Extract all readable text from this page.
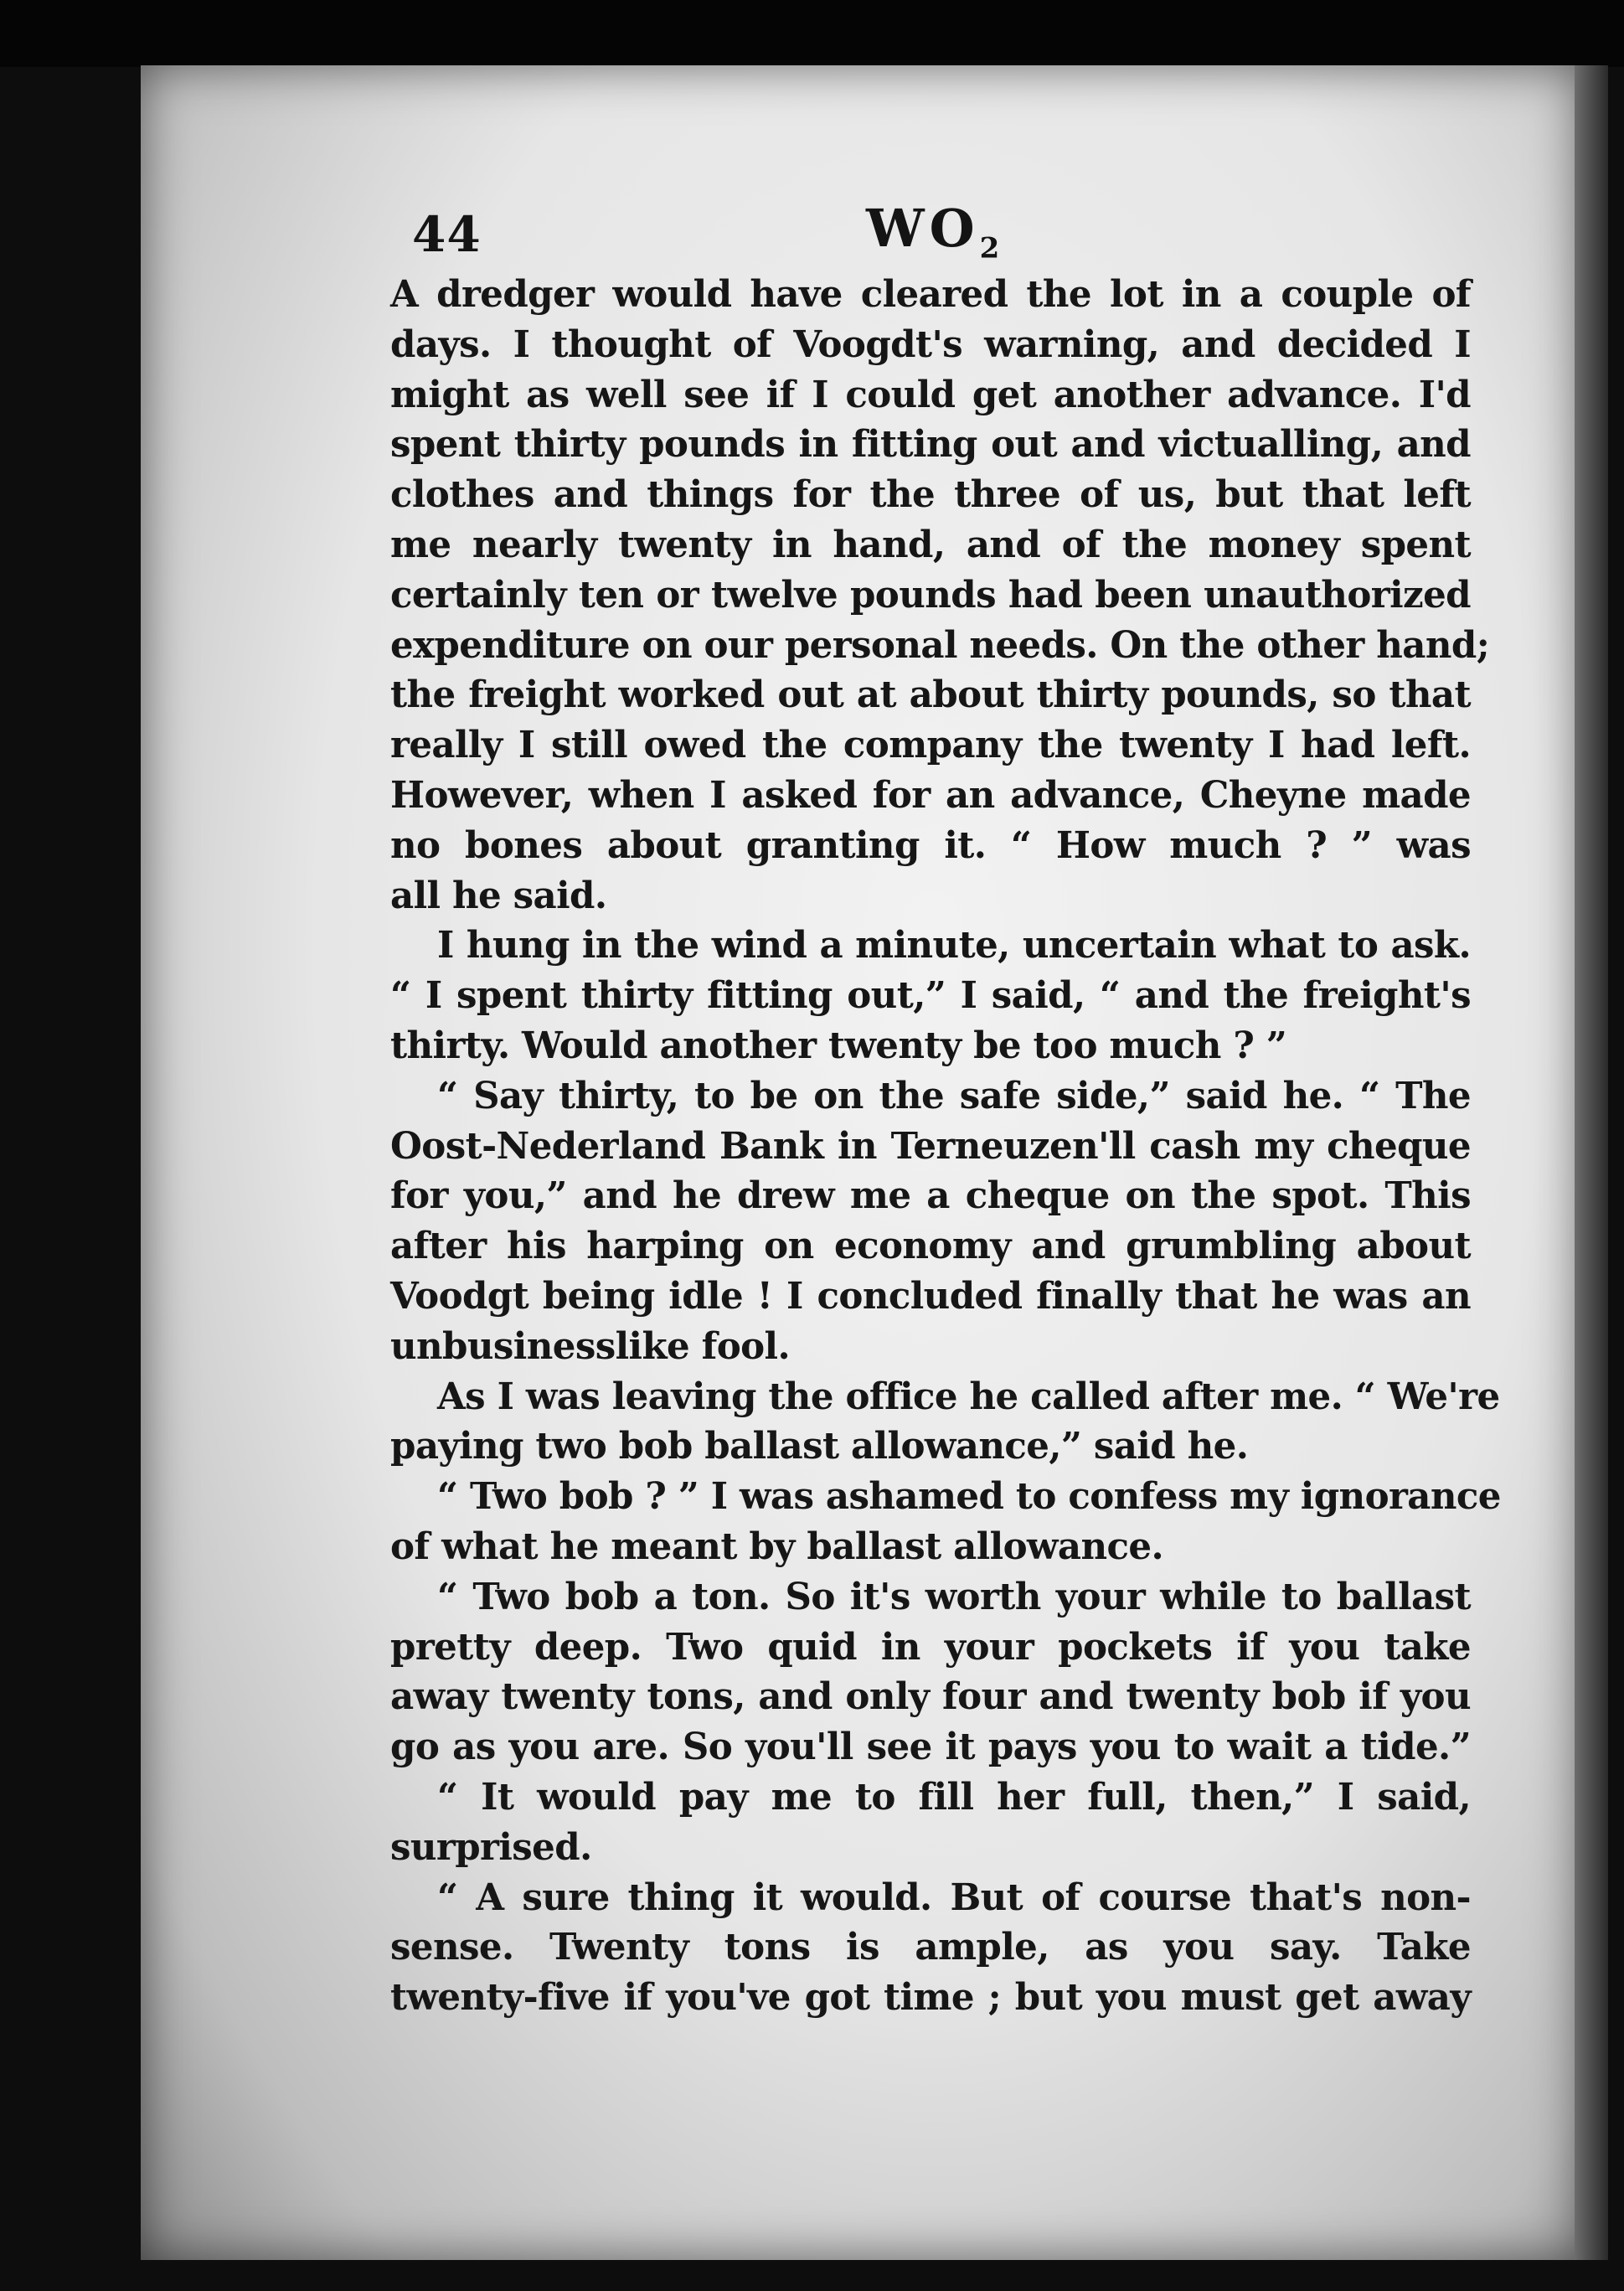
44	$WO_2$
A dredger would have cleared the lot in a couple of
days. I thought of Voogdt's warning, and decided I
might as well see if I could get another advance. I'd
spent thirty pounds in fitting out and victualling, and
clothes and things for the three of us, but that left
me nearly twenty in hand, and of the money spent
certainly ten or twelve pounds had been unauthorized
expenditure on our personal needs. On the other hand;
the freight worked out at about thirty pounds, so that
really I still owed the company the twenty I had left.
However, when I asked for an advance, Cheyne made
no bones about granting it. “ How much ? ” was
all he said.
I hung in the wind a minute, uncertain what to ask.
“ I spent thirty fitting out,” I said, “ and the freight's
thirty. Would another twenty be too much ? ”
“ Say thirty, to be on the safe side,” said he. “ The
Oost-Nederland Bank in Terneuzen'll cash my cheque
for you,” and he drew me a cheque on the spot. This
after his harping on economy and grumbling about
Voodgt being idle ! I concluded finally that he was an
unbusinesslike fool.
As I was leaving the office he called after me. “ We're
paying two bob ballast allowance,” said he.
“ Two bob ? ” I was ashamed to confess my ignorance
of what he meant by ballast allowance.
“ Two bob a ton. So it's worth your while to ballast
pretty deep. Two quid in your pockets if you take
away twenty tons, and only four and twenty bob if you
go as you are. So you'll see it pays you to wait a tide.”
“ It would pay me to fill her full, then,” I said,
surprised.
“ A sure thing it would. But of course that's non-
sense. Twenty tons is ample, as you say. Take
twenty-five if you've got time ; but you must get away
